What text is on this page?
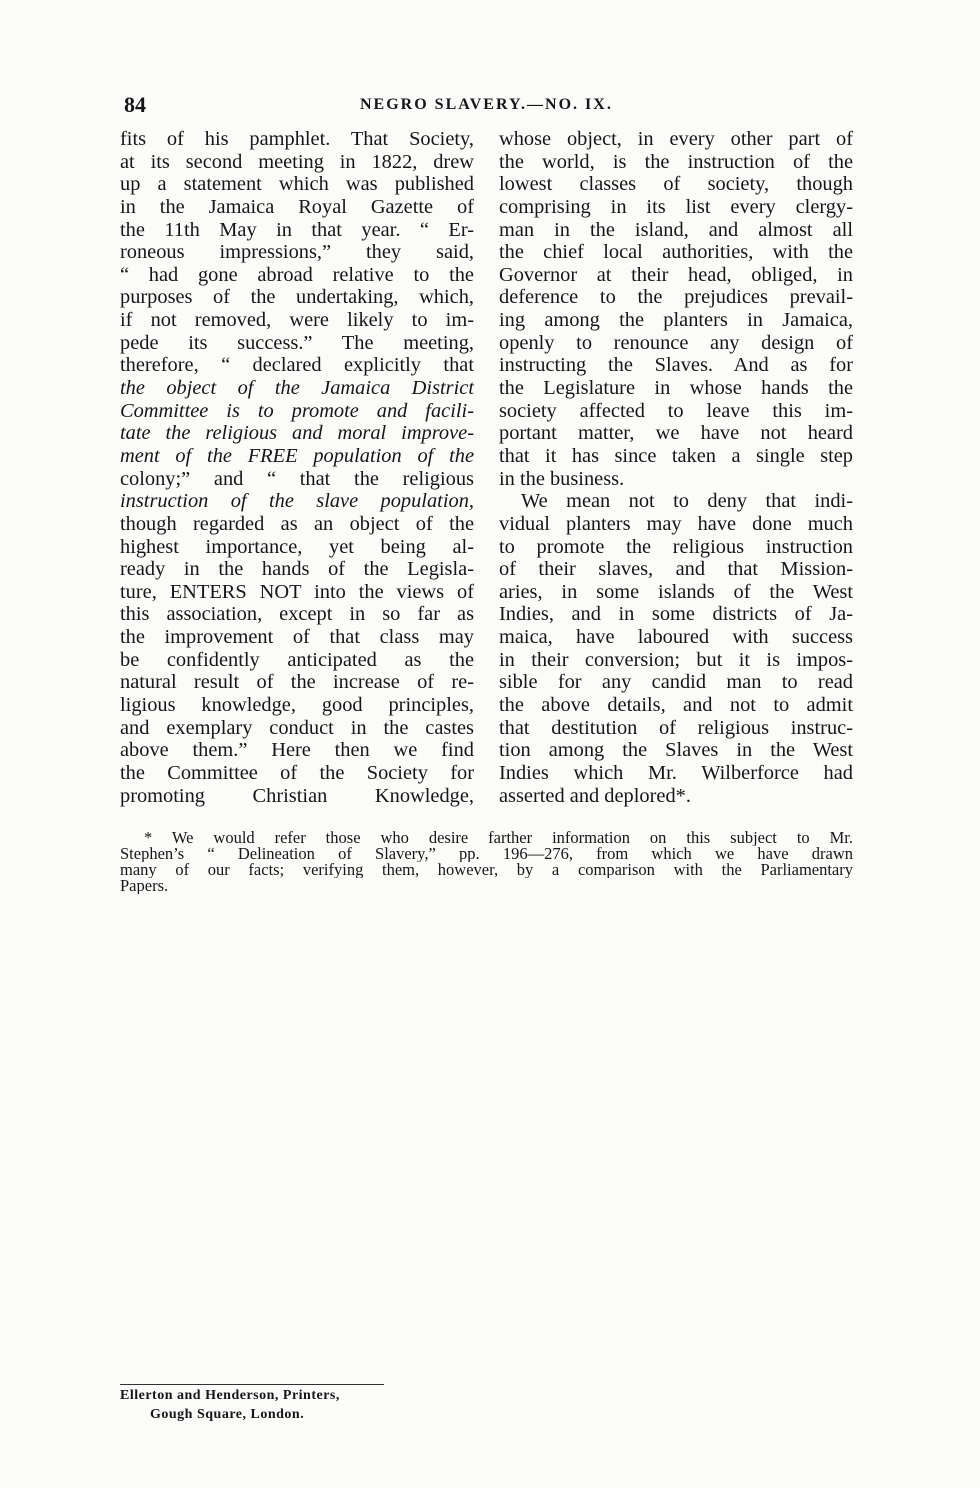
84	NEGRO SLAVERY.—NO. IX.
fits of his pamphlet. That Society,
at its second meeting in 1822, drew
up a statement which was published
in the Jamaica Royal Gazette of
the 11th May in that year. “ Er-
roneous impressions,” they said,
“ had gone abroad relative to the
purposes of the undertaking, which,
if not removed, were likely to im-
pede its success.” The meeting,
therefore, “ declared explicitly that
the object of the Jamaica District
Committee is to promote and facili-
tate the religious and moral improve-
ment of the FREE population of the
colony;” and “ that the religious
instruction of the slave population,
though regarded as an object of the
highest importance, yet being al-
ready in the hands of the Legisla-
ture, ENTERS NOT into the views of
this association, except in so far as
the improvement of that class may
be confidently anticipated as the
natural result of the increase of re-
ligious knowledge, good principles,
and exemplary conduct in the castes
above them.” Here then we find
the Committee of the Society for
promoting Christian Knowledge,
whose object, in every other part of
the world, is the instruction of the
lowest classes of society, though
comprising in its list every clergy-
man in the island, and almost all
the chief local authorities, with the
Governor at their head, obliged, in
deference to the prejudices prevail-
ing among the planters in Jamaica,
openly to renounce any design of
instructing the Slaves. And as for
the Legislature in whose hands the
society affected to leave this im-
portant matter, we have not heard
that it has since taken a single step
in the business.
We mean not to deny that indi-
vidual planters may have done much
to promote the religious instruction
of their slaves, and that Mission-
aries, in some islands of the West
Indies, and in some districts of Ja-
maica, have laboured with success
in their conversion; but it is impos-
sible for any candid man to read
the above details, and not to admit
that destitution of religious instruc-
tion among the Slaves in the West
Indies which Mr. Wilberforce had
asserted and deplored*.
* We would refer those who desire farther information on this subject to Mr.
Stephen’s “ Delineation of Slavery,” pp. 196—276, from which we have drawn
many of our facts; verifying them, however, by a comparison with the Parliamentary
Papers.
Ellerton and Henderson, Printers,
Gough Square, London.
